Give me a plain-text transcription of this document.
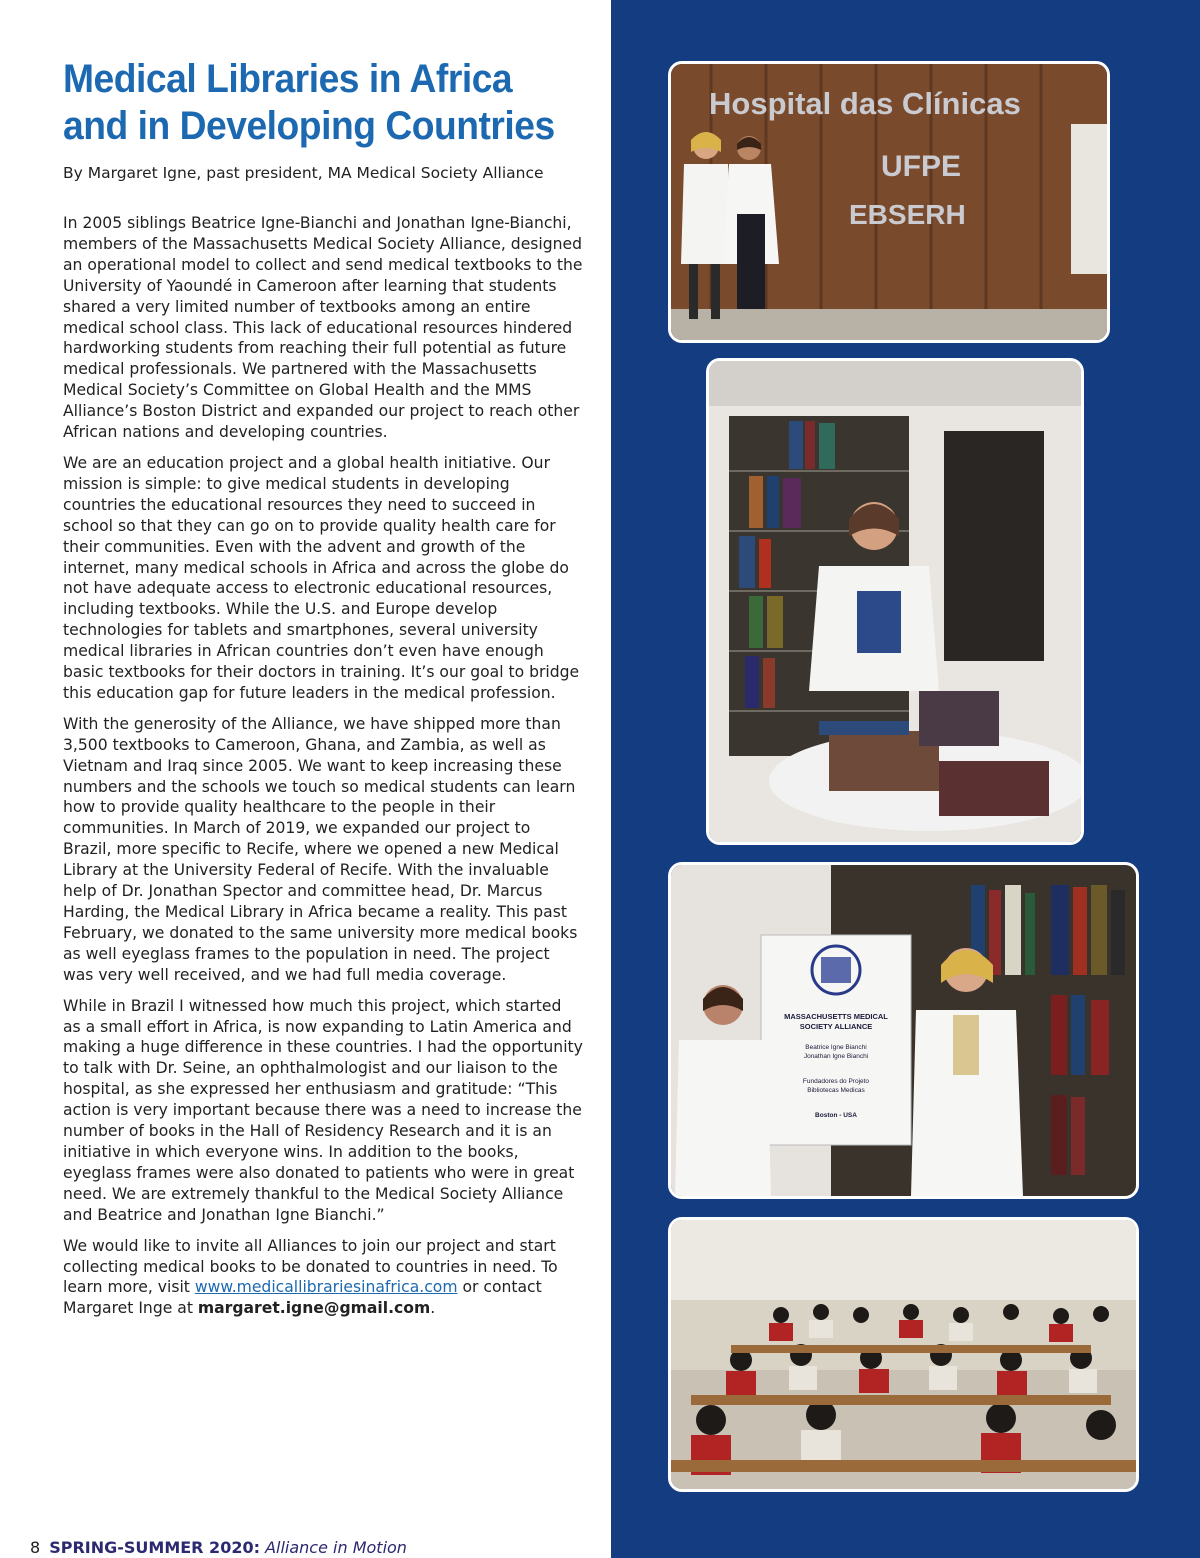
Medical Libraries in Africa
and in Developing Countries

By Margaret Igne, past president, MA Medical Society Alliance

In 2005 siblings Beatrice Igne-Bianchi and Jonathan Igne-Bianchi, members of the Massachusetts Medical Society Alliance, designed an operational model to collect and send medical textbooks to the University of Yaoundé in Cameroon after learning that students shared a very limited number of textbooks among an entire medical school class. This lack of educational resources hindered hardworking students from reaching their full potential as future medical professionals. We partnered with the Massachusetts Medical Society’s Committee on Global Health and the MMS Alliance’s Boston District and expanded our project to reach other African nations and developing countries.

We are an education project and a global health initiative. Our mission is simple: to give medical students in developing countries the educational resources they need to succeed in school so that they can go on to provide quality health care for their communities. Even with the advent and growth of the internet, many medical schools in Africa and across the globe do not have adequate access to electronic educational resources, including textbooks. While the U.S. and Europe develop technologies for tablets and smartphones, several university medical libraries in African countries don’t even have enough basic textbooks for their doctors in training. It’s our goal to bridge this education gap for future leaders in the medical profession.

With the generosity of the Alliance, we have shipped more than 3,500 textbooks to Cameroon, Ghana, and Zambia, as well as Vietnam and Iraq since 2005. We want to keep increasing these numbers and the schools we touch so medical students can learn how to provide quality healthcare to the people in their communities. In March of 2019, we expanded our project to Brazil, more specific to Recife, where we opened a new Medical Library at the University Federal of Recife. With the invaluable help of Dr. Jonathan Spector and committee head, Dr. Marcus Harding, the Medical Library in Africa became a reality. This past February, we donated to the same university more medical books as well eyeglass frames to the population in need. The project was very well received, and we had full media coverage.

While in Brazil I witnessed how much this project, which started as a small effort in Africa, is now expanding to Latin America and making a huge difference in these countries. I had the opportunity to talk with Dr. Seine, an ophthalmologist and our liaison to the hospital, as she expressed her enthusiasm and gratitude: “This action is very important because there was a need to increase the number of books in the Hall of Residency Research and it is an initiative in which everyone wins. In addition to the books, eyeglass frames were also donated to patients who were in great need. We are extremely thankful to the Medical Society Alliance and Beatrice and Jonathan Igne Bianchi.”

We would like to invite all Alliances to join our project and start collecting medical books to be donated to countries in need. To learn more, visit www.medicallibrariesinafrica.com or contact Margaret Inge at margaret.igne@gmail.com.

8 SPRING-SUMMER 2020: Alliance in Motion
Hospital das Clínicas
UFPE
EBSERH
MASSACHUSETTS MEDICAL
SOCIETY ALLIANCE
Beatrice Igne Bianchi
Jonathan Igne Bianchi
Fundadores do Projeto
Bibliotecas Medicas
Boston - USA
